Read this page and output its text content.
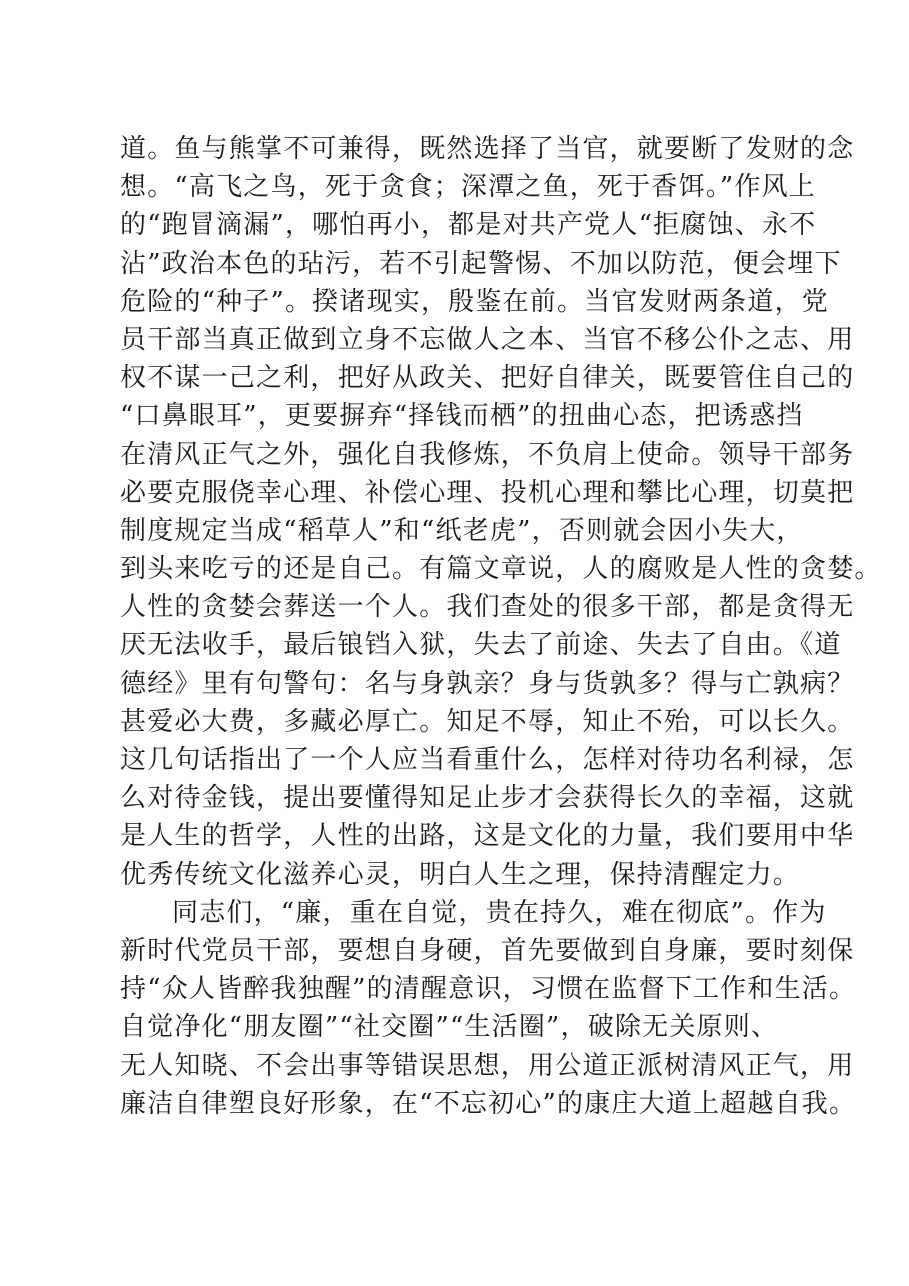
道。鱼与熊掌不可兼得，既然选择了当官，就要断了发财的念
想。“高飞之鸟，死于贪食；深潭之鱼，死于香饵。”作风上
的“跑冒滴漏”，哪怕再小，都是对共产党人“拒腐蚀、永不
沾”政治本色的玷污，若不引起警惕、不加以防范，便会埋下
危险的“种子”。揆诸现实，殷鉴在前。当官发财两条道，党
员干部当真正做到立身不忘做人之本、当官不移公仆之志、用
权不谋一己之利，把好从政关、把好自律关，既要管住自己的
“口鼻眼耳”，更要摒弃“择钱而栖”的扭曲心态，把诱惑挡
在清风正气之外，强化自我修炼，不负肩上使命。领导干部务
必要克服侥幸心理、补偿心理、投机心理和攀比心理，切莫把
制度规定当成“稻草人”和“纸老虎”，否则就会因小失大，
到头来吃亏的还是自己。有篇文章说，人的腐败是人性的贪婪。
人性的贪婪会葬送一个人。我们查处的很多干部，都是贪得无
厌无法收手，最后锒铛入狱，失去了前途、失去了自由。《道
德经》里有句警句：名与身孰亲？身与货孰多？得与亡孰病？
甚爱必大费，多藏必厚亡。知足不辱，知止不殆，可以长久。
这几句话指出了一个人应当看重什么，怎样对待功名利禄，怎
么对待金钱，提出要懂得知足止步才会获得长久的幸福，这就
是人生的哲学，人性的出路，这是文化的力量，我们要用中华
优秀传统文化滋养心灵，明白人生之理，保持清醒定力。
同志们，“廉，重在自觉，贵在持久，难在彻底”。作为
新时代党员干部，要想自身硬，首先要做到自身廉，要时刻保
持“众人皆醉我独醒”的清醒意识，习惯在监督下工作和生活。
自觉净化“朋友圈”“社交圈”“生活圈”，破除无关原则、
无人知晓、不会出事等错误思想，用公道正派树清风正气，用
廉洁自律塑良好形象，在“不忘初心”的康庄大道上超越自我。
